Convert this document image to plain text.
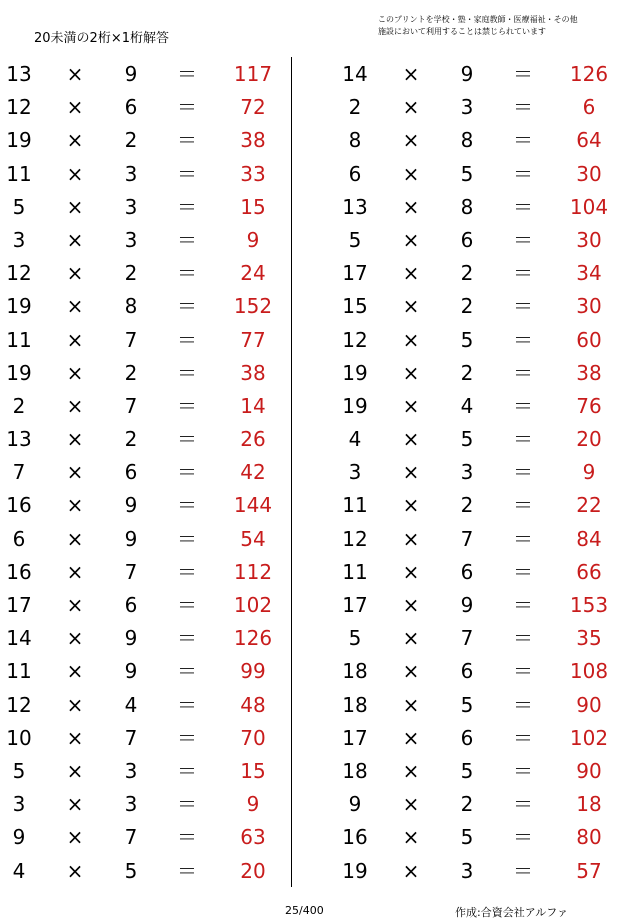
20未満の2桁×1桁解答
このプリントを学校・塾・家庭教師・医療福祉・その他
施設において利用することは禁じられています
13	×	9	＝	117
12	×	6	＝	72
19	×	2	＝	38
11	×	3	＝	33
5	×	3	＝	15
3	×	3	＝	9
12	×	2	＝	24
19	×	8	＝	152
11	×	7	＝	77
19	×	2	＝	38
2	×	7	＝	14
13	×	2	＝	26
7	×	6	＝	42
16	×	9	＝	144
6	×	9	＝	54
16	×	7	＝	112
17	×	6	＝	102
14	×	9	＝	126
11	×	9	＝	99
12	×	4	＝	48
10	×	7	＝	70
5	×	3	＝	15
3	×	3	＝	9
9	×	7	＝	63
4	×	5	＝	20
14	×	9	＝	126
2	×	3	＝	6
8	×	8	＝	64
6	×	5	＝	30
13	×	8	＝	104
5	×	6	＝	30
17	×	2	＝	34
15	×	2	＝	30
12	×	5	＝	60
19	×	2	＝	38
19	×	4	＝	76
4	×	5	＝	20
3	×	3	＝	9
11	×	2	＝	22
12	×	7	＝	84
11	×	6	＝	66
17	×	9	＝	153
5	×	7	＝	35
18	×	6	＝	108
18	×	5	＝	90
17	×	6	＝	102
18	×	5	＝	90
9	×	2	＝	18
16	×	5	＝	80
19	×	3	＝	57
25/400	作成:合資会社アルファ
